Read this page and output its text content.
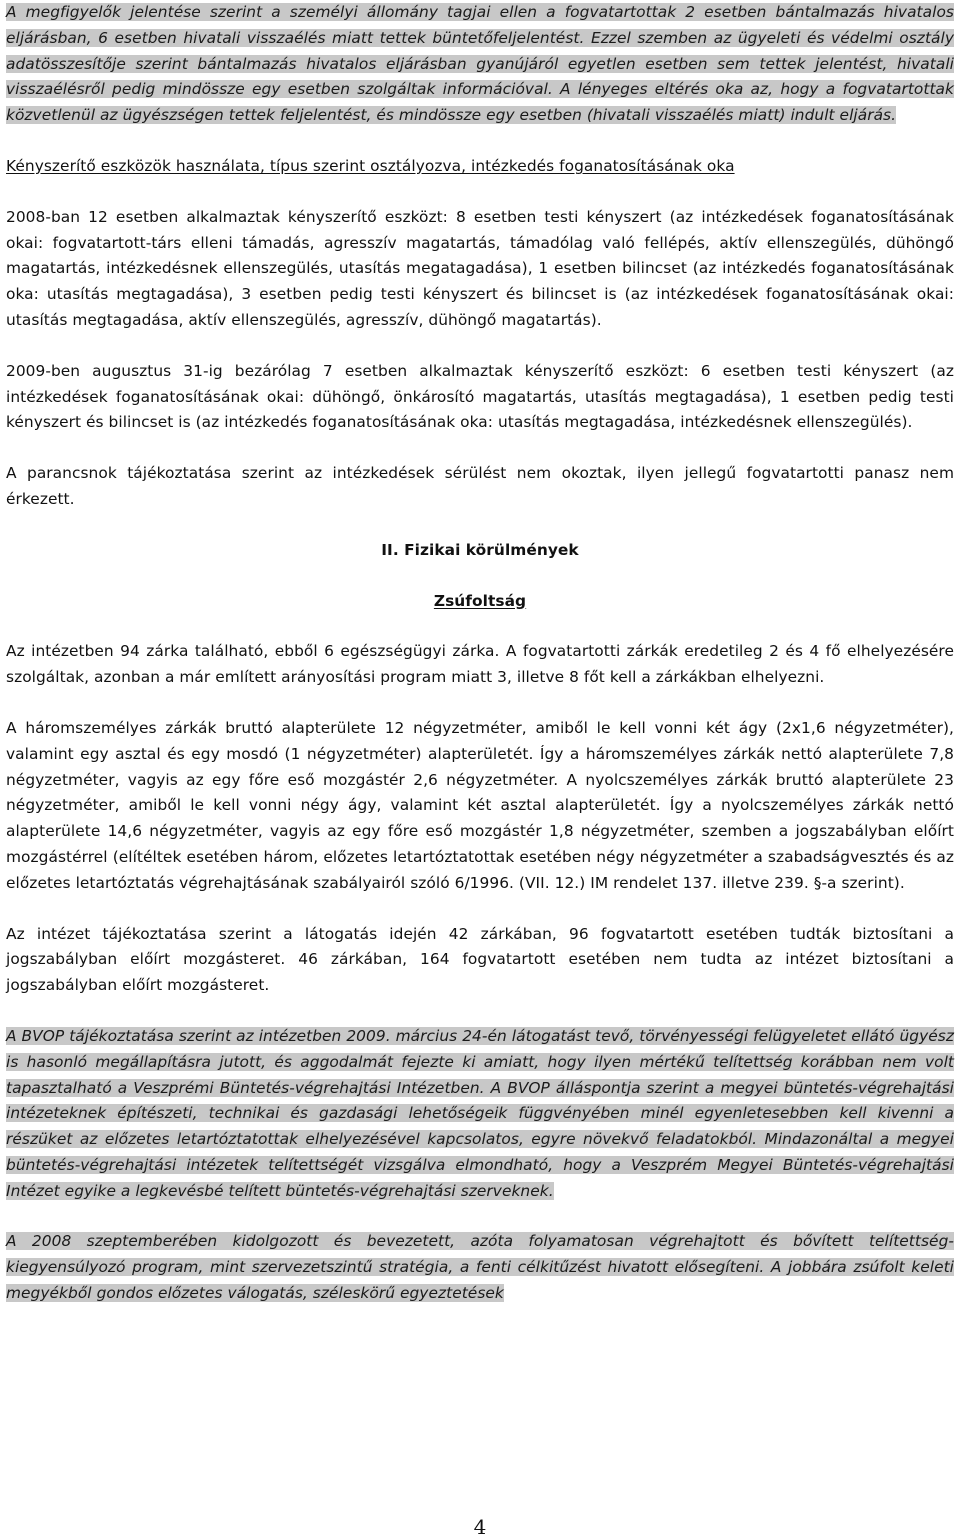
A megfigyelők jelentése szerint a személyi állomány tagjai ellen a fogvatartottak 2 esetben bántalmazás hivatalos eljárásban, 6 esetben hivatali visszaélés miatt tettek büntetőfeljelentést. Ezzel szemben az ügyeleti és védelmi osztály adatösszesítője szerint bántalmazás hivatalos eljárásban gyanújáról egyetlen esetben sem tettek jelentést, hivatali visszaélésről pedig mindössze egy esetben szolgáltak információval. A lényeges eltérés oka az, hogy a fogvatartottak közvetlenül az ügyészségen tettek feljelentést, és mindössze egy esetben (hivatali visszaélés miatt) indult eljárás.

Kényszerítő eszközök használata, típus szerint osztályozva, intézkedés foganatosításának oka

2008-ban 12 esetben alkalmaztak kényszerítő eszközt: 8 esetben testi kényszert (az intézkedések foganatosításának okai: fogvatartott-társ elleni támadás, agresszív magatartás, támadólag való fellépés, aktív ellenszegülés, dühöngő magatartás, intézkedésnek ellenszegülés, utasítás megatagadása), 1 esetben bilincset (az intézkedés foganatosításának oka: utasítás megtagadása), 3 esetben pedig testi kényszert és bilincset is (az intézkedések foganatosításának okai: utasítás megtagadása, aktív ellenszegülés, agresszív, dühöngő magatartás).

2009-ben augusztus 31-ig bezárólag 7 esetben alkalmaztak kényszerítő eszközt: 6 esetben testi kényszert (az intézkedések foganatosításának okai: dühöngő, önkárosító magatartás, utasítás megtagadása), 1 esetben pedig testi kényszert és bilincset is (az intézkedés foganatosításának oka: utasítás megtagadása, intézkedésnek ellenszegülés).

A parancsnok tájékoztatása szerint az intézkedések sérülést nem okoztak, ilyen jellegű fogvatartotti panasz nem érkezett.

II. Fizikai körülmények
Zsúfoltság

Az intézetben 94 zárka található, ebből 6 egészségügyi zárka. A fogvatartotti zárkák eredetileg 2 és 4 fő elhelyezésére szolgáltak, azonban a már említett arányosítási program miatt 3, illetve 8 főt kell a zárkákban elhelyezni.

A háromszemélyes zárkák bruttó alapterülete 12 négyzetméter, amiből le kell vonni két ágy (2x1,6 négyzetméter), valamint egy asztal és egy mosdó (1 négyzetméter) alapterületét. Így a háromszemélyes zárkák nettó alapterülete 7,8 négyzetméter, vagyis az egy főre eső mozgástér 2,6 négyzetméter. A nyolcszemélyes zárkák bruttó alapterülete 23 négyzetméter, amiből le kell vonni négy ágy, valamint két asztal alapterületét. Így a nyolcszemélyes zárkák nettó alapterülete 14,6 négyzetméter, vagyis az egy főre eső mozgástér 1,8 négyzetméter, szemben a jogszabályban előírt mozgástérrel (elítéltek esetében három, előzetes letartóztatottak esetében négy négyzetméter a szabadságvesztés és az előzetes letartóztatás végrehajtásának szabályairól szóló 6/1996. (VII. 12.) IM rendelet 137. illetve 239. §-a szerint).

Az intézet tájékoztatása szerint a látogatás idején 42 zárkában, 96 fogvatartott esetében tudták biztosítani a jogszabályban előírt mozgásteret. 46 zárkában, 164 fogvatartott esetében nem tudta az intézet biztosítani a jogszabályban előírt mozgásteret.

A BVOP tájékoztatása szerint az intézetben 2009. március 24-én látogatást tevő, törvényességi felügyeletet ellátó ügyész is hasonló megállapításra jutott, és aggodalmát fejezte ki amiatt, hogy ilyen mértékű telítettség korábban nem volt tapasztalható a Veszprémi Büntetés-végrehajtási Intézetben. A BVOP álláspontja szerint a megyei büntetés-végrehajtási intézeteknek építészeti, technikai és gazdasági lehetőségeik függvényében minél egyenletesebben kell kivenni a részüket az előzetes letartóztatottak elhelyezésével kapcsolatos, egyre növekvő feladatokból. Mindazonáltal a megyei büntetés-végrehajtási intézetek telítettségét vizsgálva elmondható, hogy a Veszprém Megyei Büntetés-végrehajtási Intézet egyike a legkevésbé telített büntetés-végrehajtási szerveknek.

A 2008 szeptemberében kidolgozott és bevezetett, azóta folyamatosan végrehajtott és bővített telítettség-kiegyensúlyozó program, mint szervezetszintű stratégia, a fenti célkitűzést hivatott elősegíteni. A jobbára zsúfolt keleti megyékből gondos előzetes válogatás, széleskörű egyeztetések

4
